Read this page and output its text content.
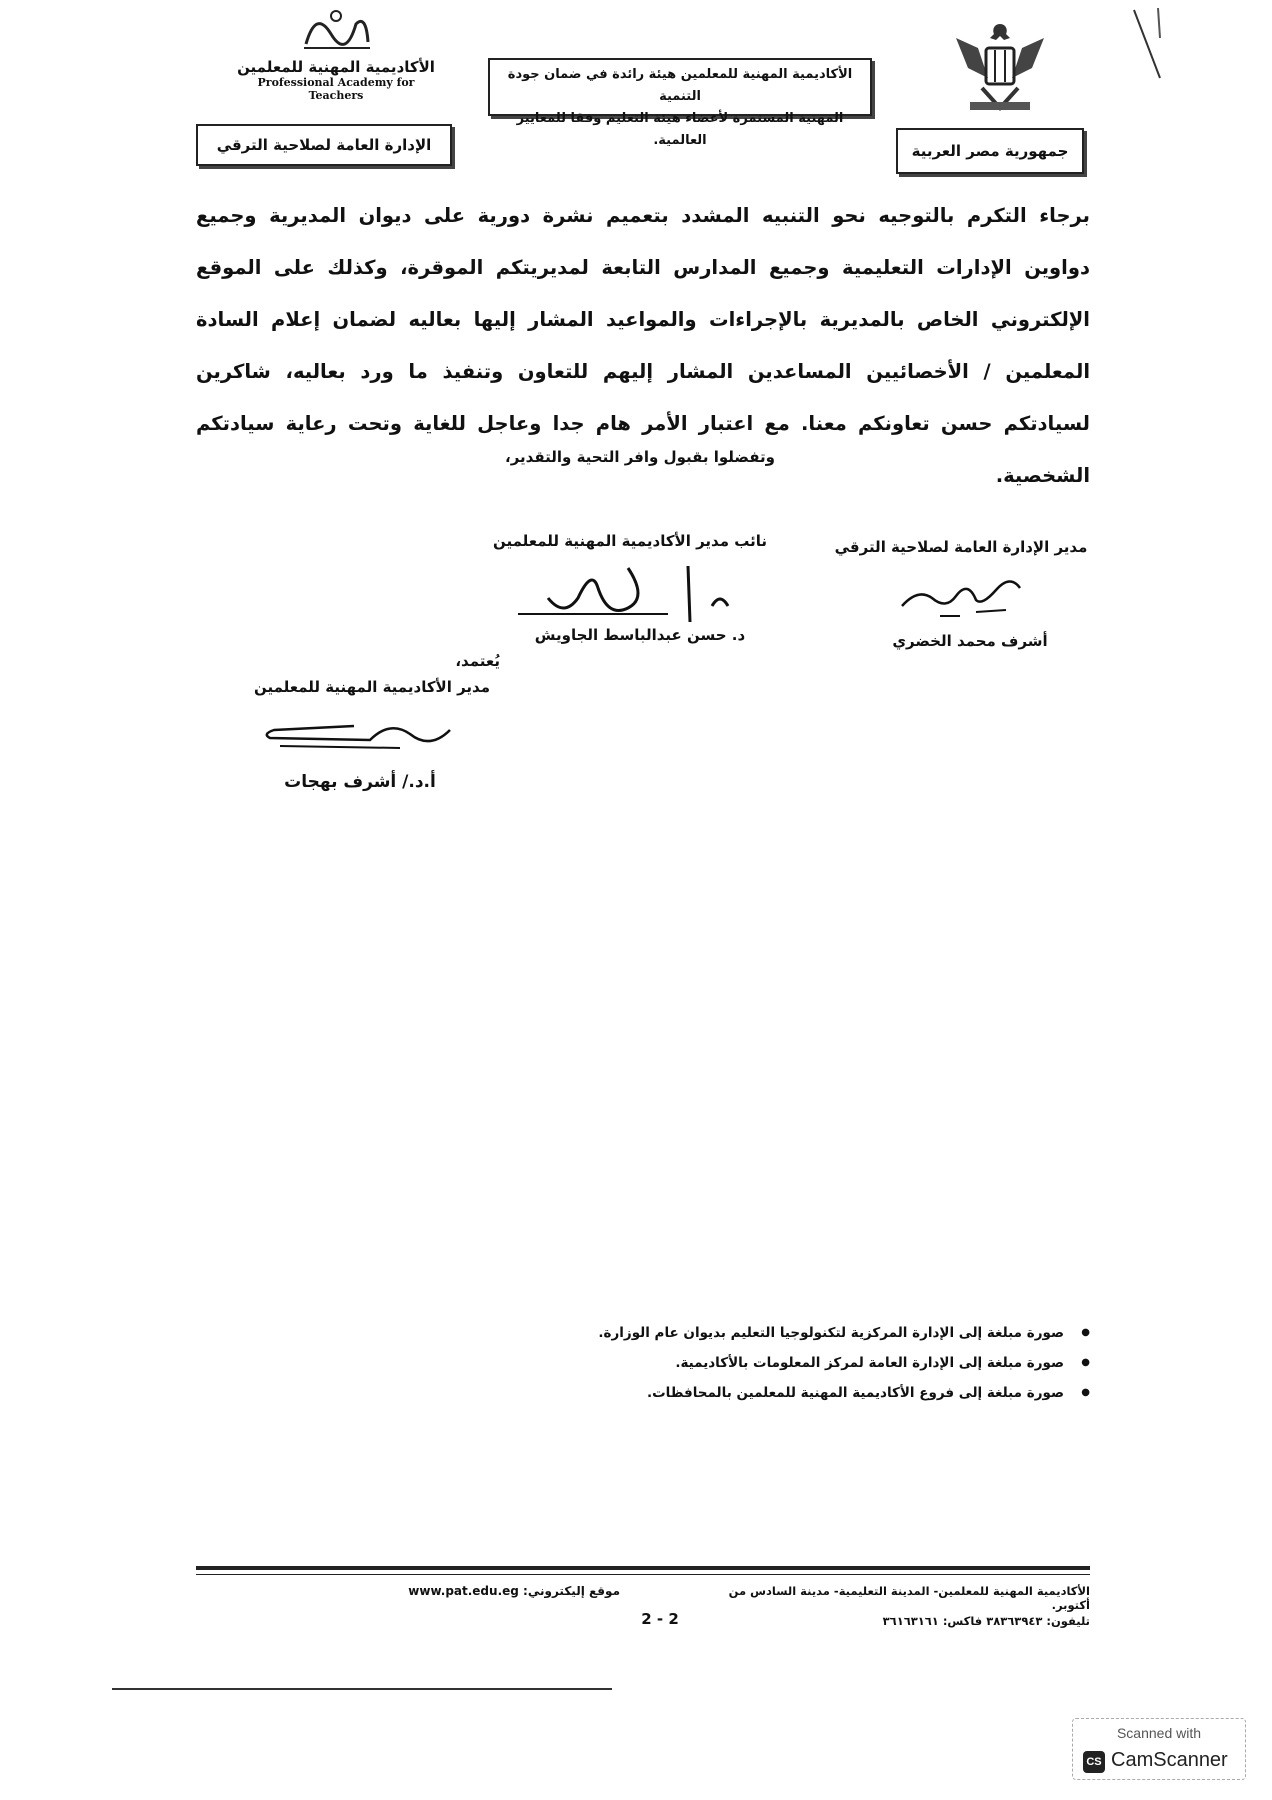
جمهورية مصر العربية
الأكاديمية المهنية للمعلمين هيئة رائدة في ضمان جودة التنمية
المهنية المستمرة لأعضاء هيئة التعليم وفقا للمعايير العالمية.
الأكاديمية المهنية للمعلمين
Professional Academy for Teachers
الإدارة العامة لصلاحية الترقي
برجاء التكرم بالتوجيه نحو التنبيه المشدد بتعميم نشرة دورية على ديوان المديرية وجميع دواوين الإدارات التعليمية وجميع المدارس التابعة لمديريتكم الموقرة، وكذلك على الموقع الإلكتروني الخاص بالمديرية بالإجراءات والمواعيد المشار إليها بعاليه لضمان إعلام السادة المعلمين / الأخصائيين المساعدين المشار إليهم للتعاون وتنفيذ ما ورد بعاليه، شاكرين لسيادتكم حسن تعاونكم معنا. مع اعتبار الأمر هام جدا وعاجل للغاية وتحت رعاية سيادتكم الشخصية.
وتفضلوا بقبول وافر التحية والتقدير،
مدير الإدارة العامة لصلاحية الترقي
أشرف محمد الخضري
نائب مدير الأكاديمية المهنية للمعلمين
د. حسن عبدالباسط الجاويش
يُعتمد،
مدير الأكاديمية المهنية للمعلمين
أ.د./ أشرف بهجات
● صورة مبلغة إلى الإدارة المركزية لتكنولوجيا التعليم بديوان عام الوزارة.
● صورة مبلغة إلى الإدارة العامة لمركز المعلومات بالأكاديمية.
● صورة مبلغة إلى فروع الأكاديمية المهنية للمعلمين بالمحافظات.
الأكاديمية المهنية للمعلمين- المدينة التعليمية- مدينة السادس من أكتوبر.
تليفون: ٣٨٣٦٣٩٤٣ فاكس: ٣٦١٦٣١٦١
2 - 2
موقع إليكتروني: www.pat.edu.eg
Scanned with
CS CamScanner
